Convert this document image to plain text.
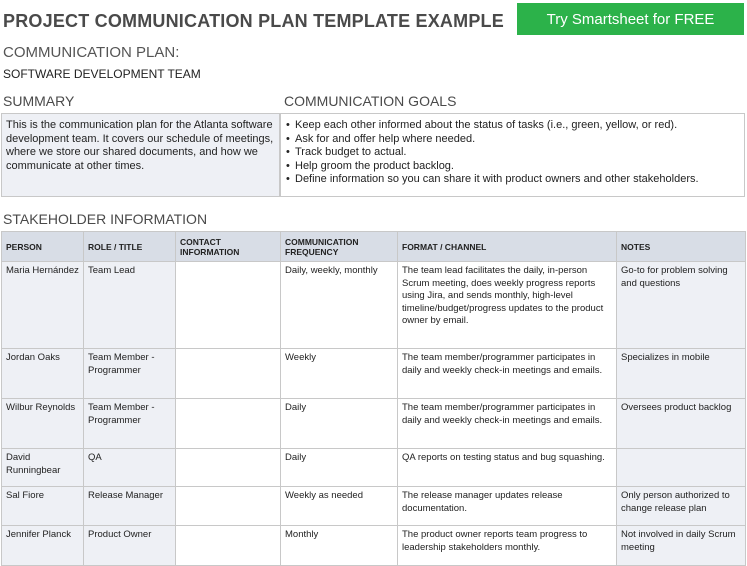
PROJECT COMMUNICATION PLAN TEMPLATE EXAMPLE	Try Smartsheet for FREE
COMMUNICATION PLAN:
SOFTWARE DEVELOPMENT TEAM
SUMMARY	COMMUNICATION GOALS
This is the communication plan for the Atlanta software development team. It covers our schedule of meetings, where we store our shared documents, and how we communicate at other times.
• Keep each other informed about the status of tasks (i.e., green, yellow, or red).
• Ask for and offer help where needed.
• Track budget to actual.
• Help groom the product backlog.
• Define information so you can share it with product owners and other stakeholders.
STAKEHOLDER INFORMATION
PERSON	ROLE / TITLE	CONTACT INFORMATION	COMMUNICATION FREQUENCY	FORMAT / CHANNEL	NOTES
Maria Hernández	Team Lead		Daily, weekly, monthly	The team lead facilitates the daily, in-person Scrum meeting, does weekly progress reports using Jira, and sends monthly, high-level timeline/budget/progress updates to the product owner by email.	Go-to for problem solving and questions
Jordan Oaks	Team Member - Programmer		Weekly	The team member/programmer participates in daily and weekly check-in meetings and emails.	Specializes in mobile
Wilbur Reynolds	Team Member - Programmer		Daily	The team member/programmer participates in daily and weekly check-in meetings and emails.	Oversees product backlog
David Runningbear	QA		Daily	QA reports on testing status and bug squashing.	
Sal Fiore	Release Manager		Weekly as needed	The release manager updates release documentation.	Only person authorized to change release plan
Jennifer Planck	Product Owner		Monthly	The product owner reports team progress to leadership stakeholders monthly.	Not involved in daily Scrum meeting
